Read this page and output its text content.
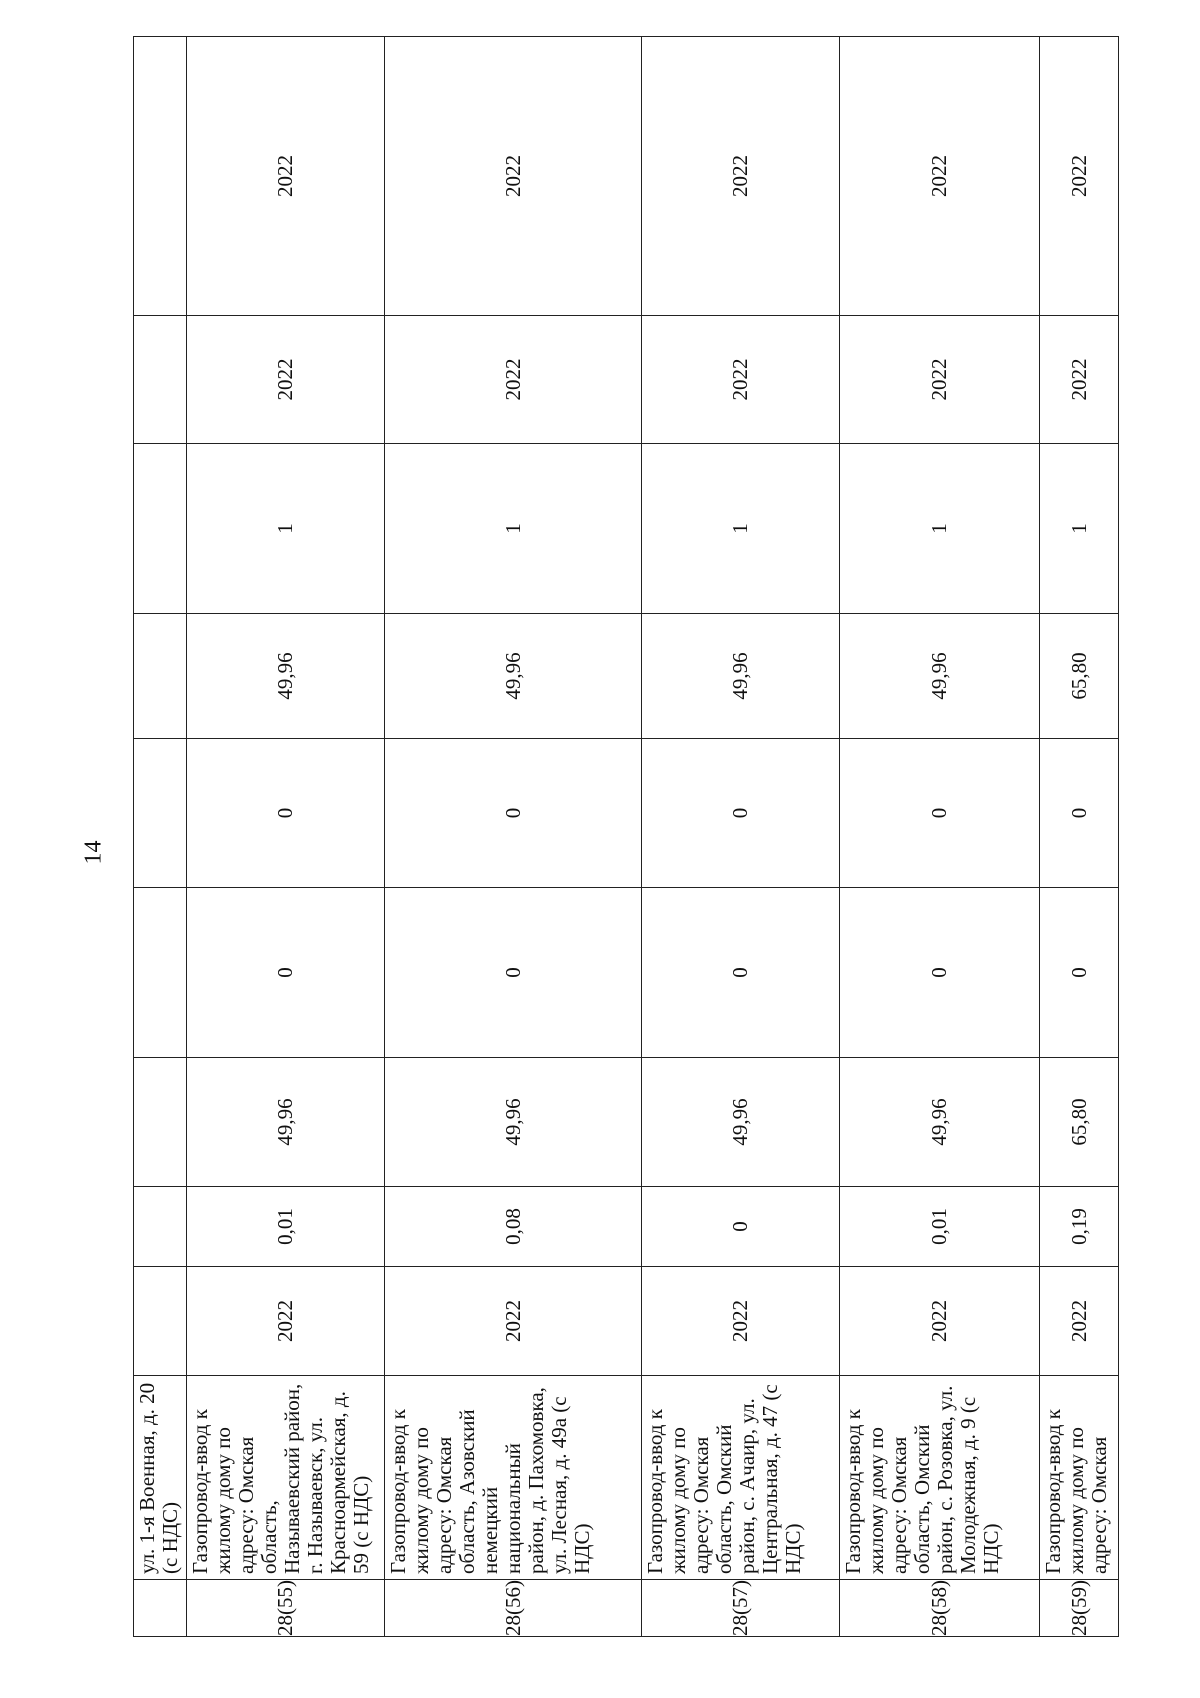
14
	ул. 1-я Военная, д. 20 (с НДС)									
28(55)	Газопровод-ввод к жилому дому по адресу: Омская область, Называевский район, г. Называевск, ул. Красноармейская, д. 59 (с НДС)	2022	0,01	49,96	0	0	49,96	1	2022	2022
28(56)	Газопровод-ввод к жилому дому по адресу: Омская область, Азовский немецкий национальный район, д. Пахомовка, ул. Лесная, д. 49а (с НДС)	2022	0,08	49,96	0	0	49,96	1	2022	2022
28(57)	Газопровод-ввод к жилому дому по адресу: Омская область, Омский район, с. Ачаир, ул. Центральная, д. 47 (с НДС)	2022	0	49,96	0	0	49,96	1	2022	2022
28(58)	Газопровод-ввод к жилому дому по адресу: Омская область, Омский район, с. Розовка, ул. Молодежная, д. 9 (с НДС)	2022	0,01	49,96	0	0	49,96	1	2022	2022
28(59)	Газопровод-ввод к жилому дому по адресу: Омская	2022	0,19	65,80	0	0	65,80	1	2022	2022
